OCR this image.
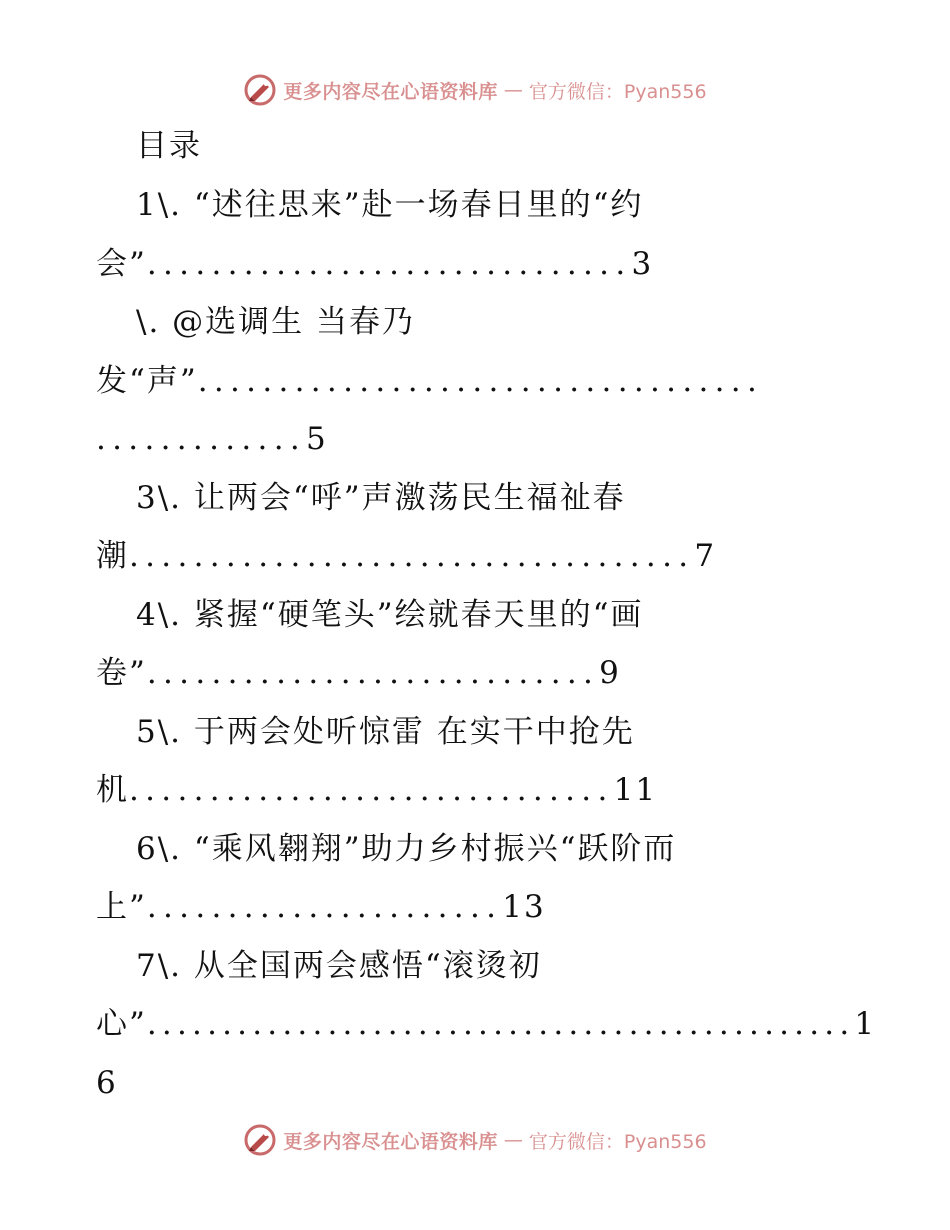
更多内容尽在心语资料库 — 官方微信：Pyan556
目录
1\. “述往思来”赴一场春日里的“约
会”..............................3
\. @选调生 当春乃
发“声”...................................
.............5
3\. 让两会“呼”声激荡民生福祉春
潮...................................7
4\. 紧握“硬笔头”绘就春天里的“画
卷”............................9
5\. 于两会处听惊雷 在实干中抢先
机..............................11
6\. “乘风翱翔”助力乡村振兴“跃阶而
上”......................13
7\. 从全国两会感悟“滚烫初
心”...............................................1
6
更多内容尽在心语资料库 — 官方微信：Pyan556
